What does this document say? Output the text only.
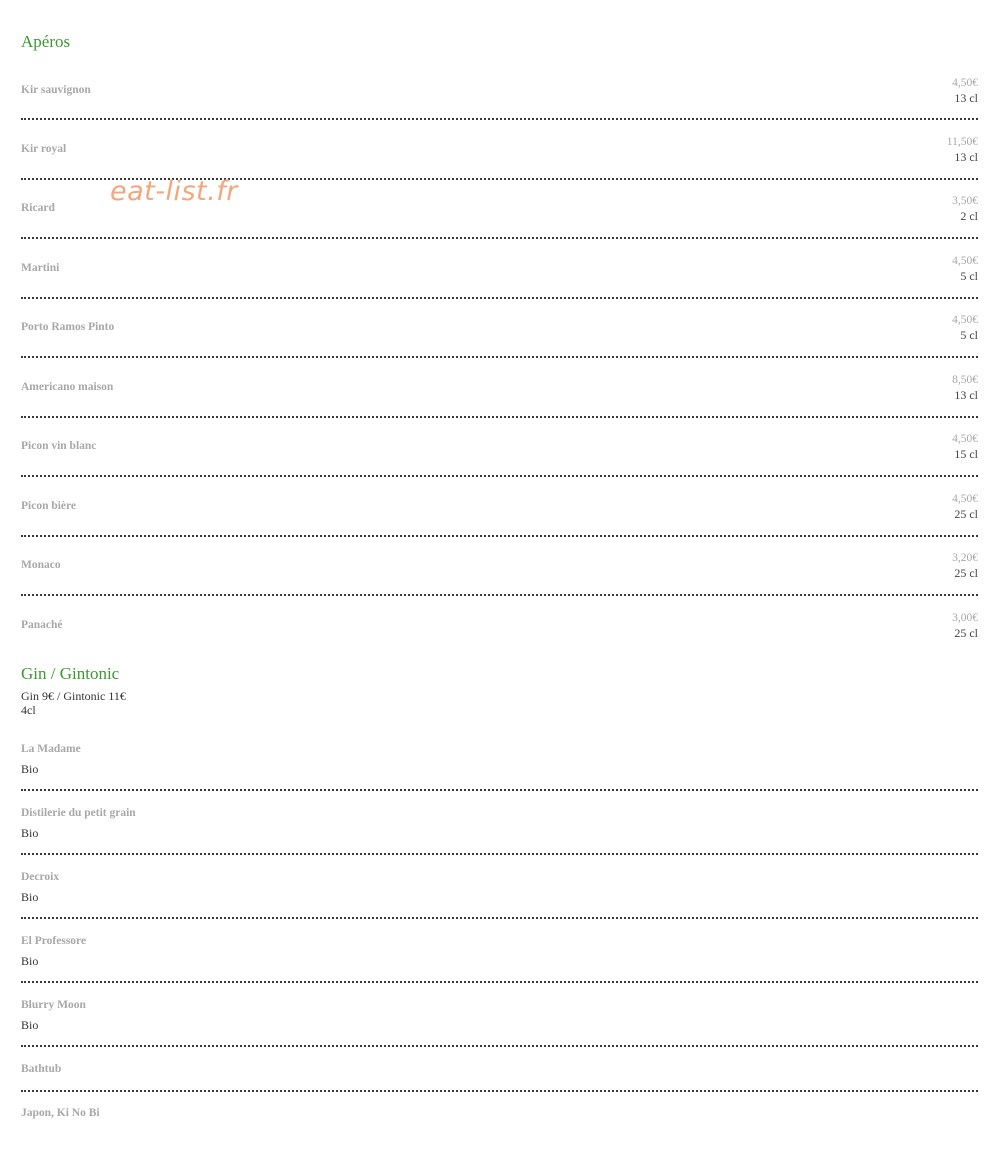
Apéros
Kir sauvignon
4,50€
13 cl
Kir royal
11,50€
13 cl
Ricard
3,50€
2 cl
Martini
4,50€
5 cl
Porto Ramos Pinto
4,50€
5 cl
Americano maison
8,50€
13 cl
Picon vin blanc
4,50€
15 cl
Picon bière
4,50€
25 cl
Monaco
3,20€
25 cl
Panaché
3,00€
25 cl
Gin / Gintonic
Gin 9€ / Gintonic 11€
4cl
La Madame
Bio
Distilerie du petit grain
Bio
Decroix
Bio
El Professore
Bio
Blurry Moon
Bio
Bathtub
Japon, Ki No Bi
eat-list.fr
